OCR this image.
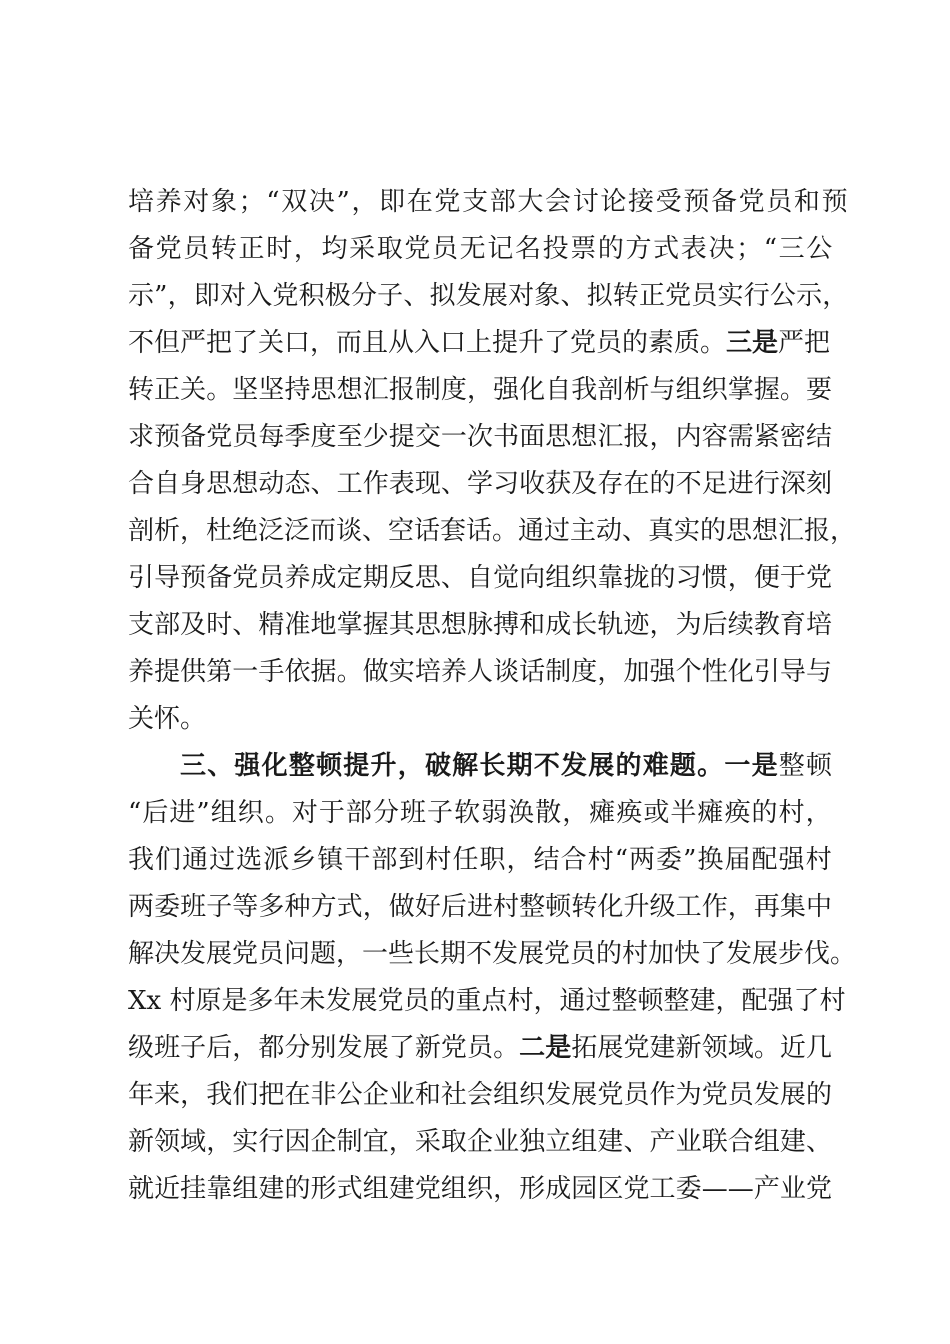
培养对象；“双决”，即在党支部大会讨论接受预备党员和预
备党员转正时，均采取党员无记名投票的方式表决；“三公
示”，即对入党积极分子、拟发展对象、拟转正党员实行公示，
不但严把了关口，而且从入口上提升了党员的素质。三是严把
转正关。坚坚持思想汇报制度，强化自我剖析与组织掌握。要
求预备党员每季度至少提交一次书面思想汇报，内容需紧密结
合自身思想动态、工作表现、学习收获及存在的不足进行深刻
剖析，杜绝泛泛而谈、空话套话。通过主动、真实的思想汇报，
引导预备党员养成定期反思、自觉向组织靠拢的习惯，便于党
支部及时、精准地掌握其思想脉搏和成长轨迹，为后续教育培
养提供第一手依据。做实培养人谈话制度，加强个性化引导与
关怀。
三、强化整顿提升，破解长期不发展的难题。一是整顿
“后进”组织。对于部分班子软弱涣散，瘫痪或半瘫痪的村，
我们通过选派乡镇干部到村任职，结合村“两委”换届配强村
两委班子等多种方式，做好后进村整顿转化升级工作，再集中
解决发展党员问题，一些长期不发展党员的村加快了发展步伐。
Xx 村原是多年未发展党员的重点村，通过整顿整建，配强了村
级班子后，都分别发展了新党员。二是拓展党建新领域。近几
年来，我们把在非公企业和社会组织发展党员作为党员发展的
新领域，实行因企制宜，采取企业独立组建、产业联合组建、
就近挂靠组建的形式组建党组织，形成园区党工委——产业党
